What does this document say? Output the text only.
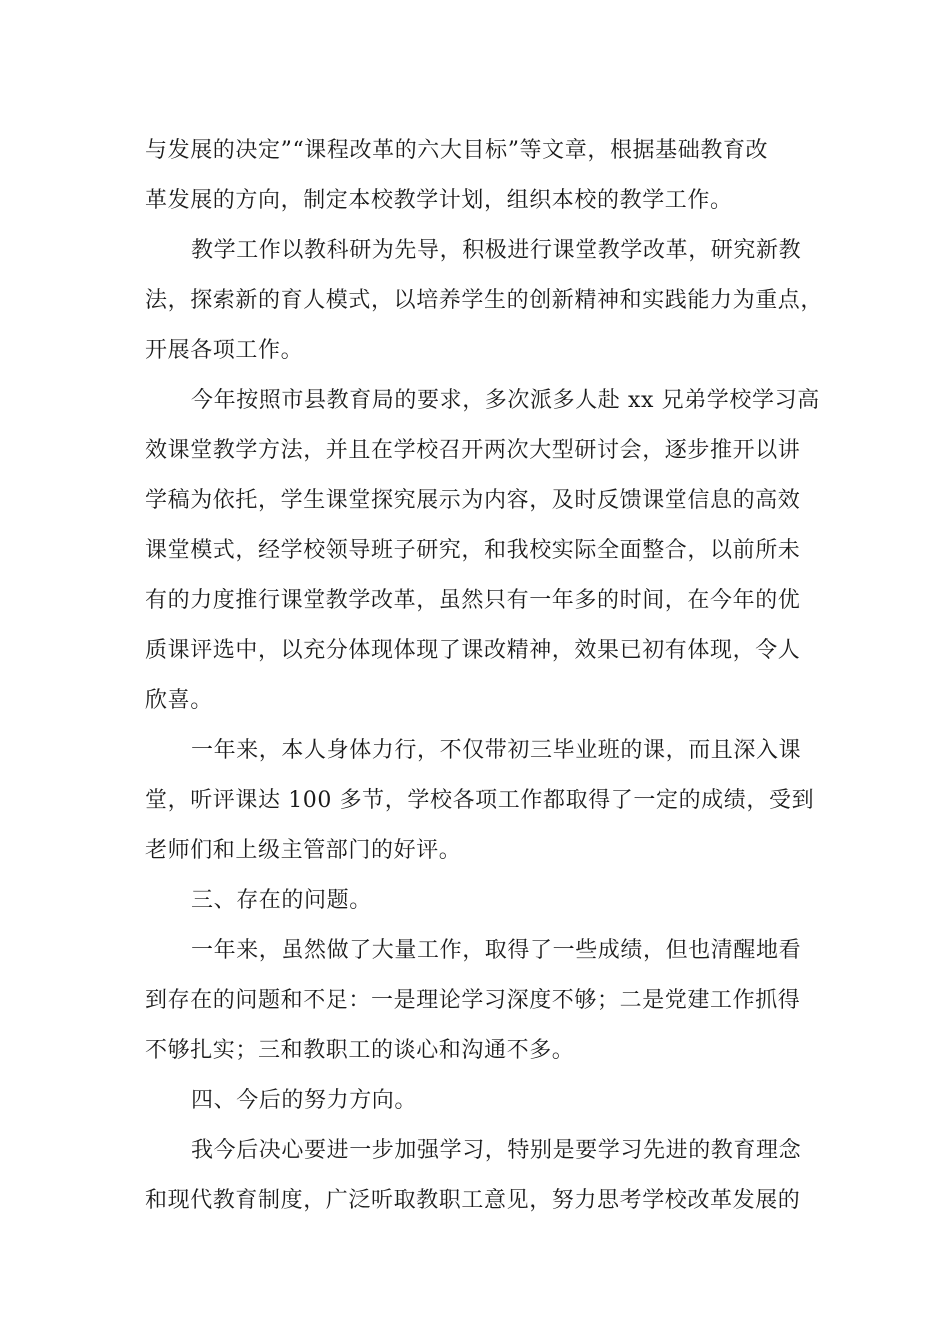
与发展的决定”“课程改革的六大目标”等文章，根据基础教育改

革发展的方向，制定本校教学计划，组织本校的教学工作。

教学工作以教科研为先导，积极进行课堂教学改革，研究新教

法，探索新的育人模式，以培养学生的创新精神和实践能力为重点，

开展各项工作。

今年按照市县教育局的要求，多次派多人赴 xx 兄弟学校学习高

效课堂教学方法，并且在学校召开两次大型研讨会，逐步推开以讲

学稿为依托，学生课堂探究展示为内容，及时反馈课堂信息的高效

课堂模式，经学校领导班子研究，和我校实际全面整合，以前所未

有的力度推行课堂教学改革，虽然只有一年多的时间，在今年的优

质课评选中，以充分体现体现了课改精神，效果已初有体现，令人

欣喜。

一年来，本人身体力行，不仅带初三毕业班的课，而且深入课

堂，听评课达 100 多节，学校各项工作都取得了一定的成绩，受到

老师们和上级主管部门的好评。

三、存在的问题。

一年来，虽然做了大量工作，取得了一些成绩，但也清醒地看

到存在的问题和不足：一是理论学习深度不够；二是党建工作抓得

不够扎实；三和教职工的谈心和沟通不多。

四、今后的努力方向。

我今后决心要进一步加强学习，特别是要学习先进的教育理念

和现代教育制度，广泛听取教职工意见，努力思考学校改革发展的
